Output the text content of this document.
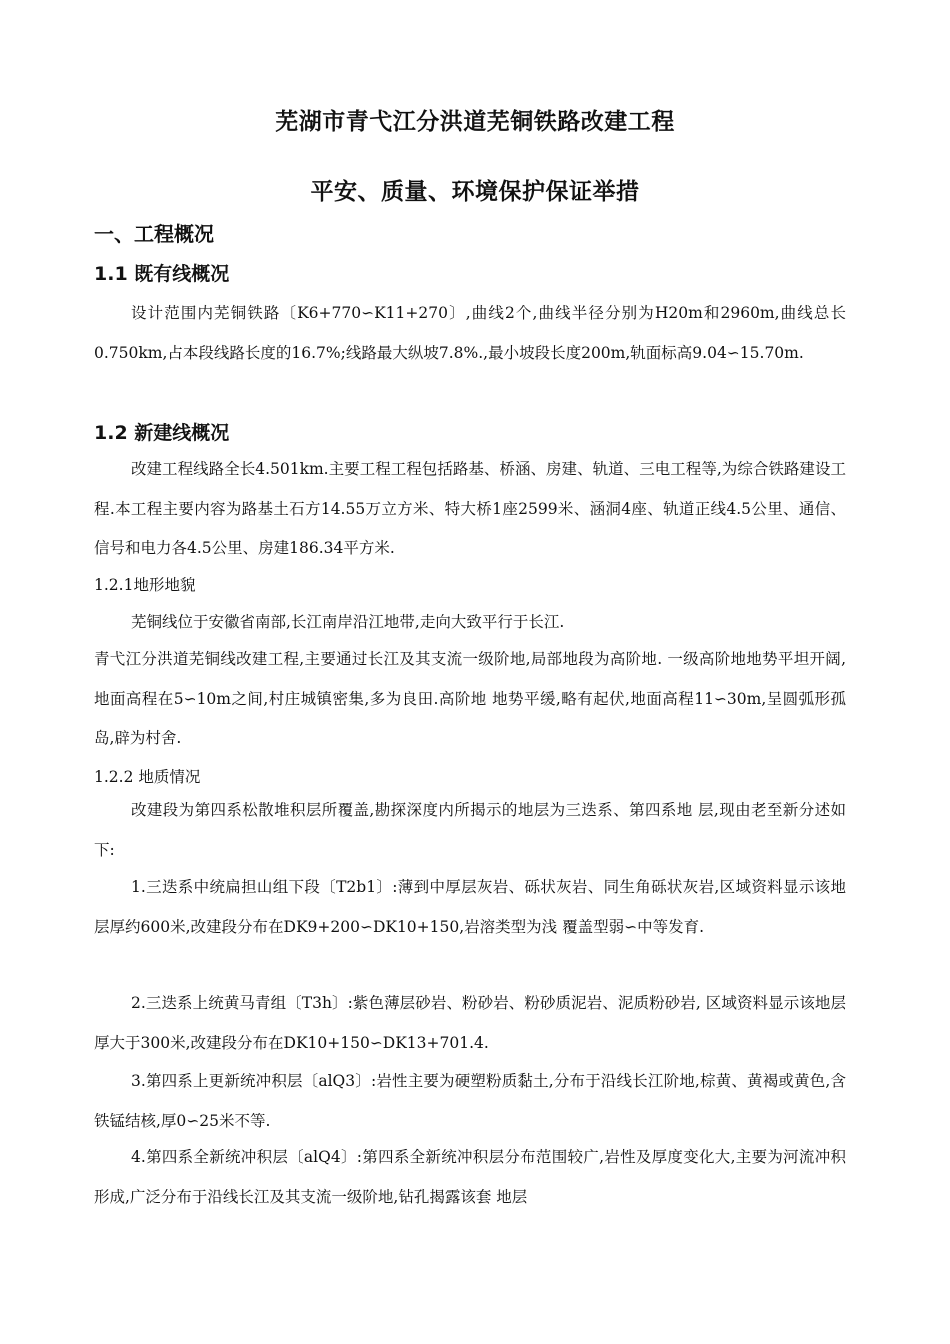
芜湖市青弋江分洪道芜铜铁路改建工程
平安、质量、环境保护保证举措
一、工程概况
1.1 既有线概况
设计范围内芜铜铁路〔K6+770∽K11+270〕,曲线2个,曲线半径分别为H20m和2960m,曲线总长0.750km,占本段线路长度的16.7%;线路最大纵坡7.8%.,最小坡段长度200m,轨面标高9.04∽15.70m.
1.2 新建线概况
改建工程线路全长4.501km.主要工程工程包括路基、桥涵、房建、轨道、三电工程等,为综合铁路建设工程.本工程主要内容为路基土石方14.55万立方米、特大桥1座2599米、涵洞4座、轨道正线4.5公里、通信、信号和电力各4.5公里、房建186.34平方米.
1.2.1地形地貌
芜铜线位于安徽省南部,长江南岸沿江地带,走向大致平行于长江.
青弋江分洪道芜铜线改建工程,主要通过长江及其支流一级阶地,局部地段为高阶地. 一级高阶地地势平坦开阔,地面高程在5∽10m之间,村庄城镇密集,多为良田.高阶地 地势平缓,略有起伏,地面高程11∽30m,呈圆弧形孤岛,辟为村舍.
1.2.2 地质情况
改建段为第四系松散堆积层所覆盖,勘探深度内所揭示的地层为三迭系、第四系地 层,现由老至新分述如下:
1.三迭系中统扁担山组下段〔T2b1〕:薄到中厚层灰岩、砾状灰岩、同生角砾状灰岩,区域资料显示该地层厚约600米,改建段分布在DK9+200∽DK10+150,岩溶类型为浅 覆盖型弱∽中等发育.
2.三迭系上统黄马青组〔T3h〕:紫色薄层砂岩、粉砂岩、粉砂质泥岩、泥质粉砂岩, 区域资料显示该地层厚大于300米,改建段分布在DK10+150∽DK13+701.4.
3.第四系上更新统冲积层〔alQ3〕:岩性主要为硬塑粉质黏土,分布于沿线长江阶地,棕黄、黄褐或黄色,含铁锰结核,厚0∽25米不等.
4.第四系全新统冲积层〔alQ4〕:第四系全新统冲积层分布范围较广,岩性及厚度变化大,主要为河流冲积形成,广泛分布于沿线长江及其支流一级阶地,钻孔揭露该套 地层
